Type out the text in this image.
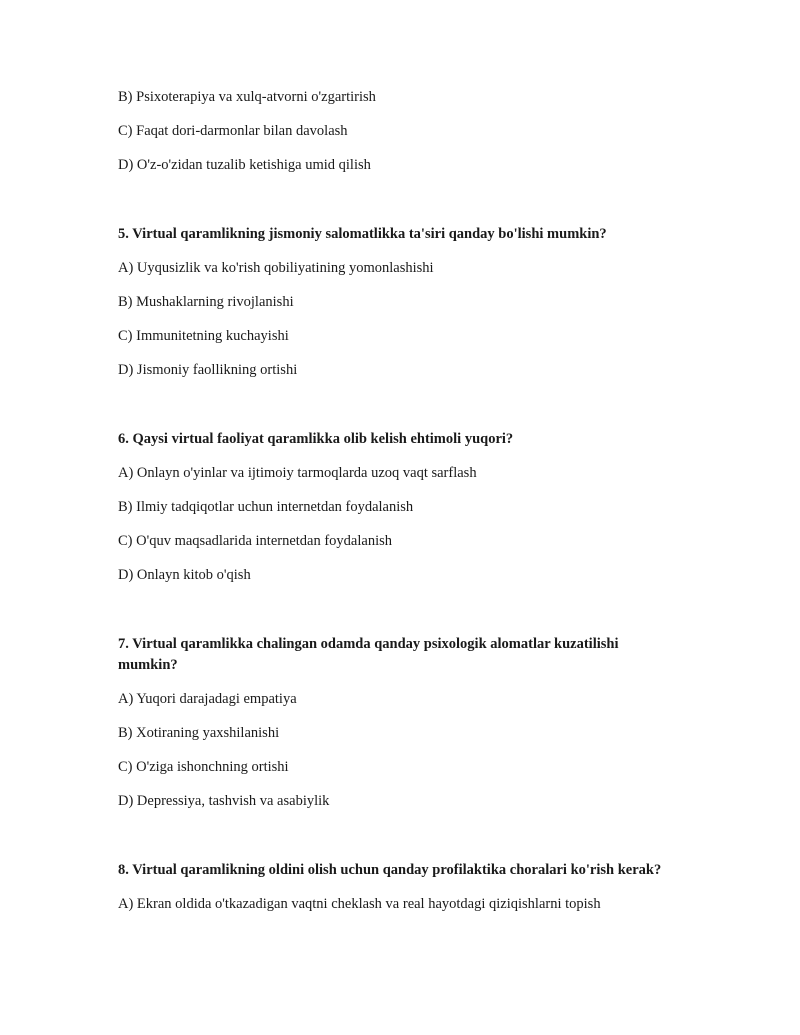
B) Psixoterapiya va xulq-atvorni o'zgartirish
C) Faqat dori-darmonlar bilan davolash
D) O'z-o'zidan tuzalib ketishiga umid qilish
5. Virtual qaramlikning jismoniy salomatlikka ta'siri qanday bo'lishi mumkin?
A) Uyqusizlik va ko'rish qobiliyatining yomonlashishi
B) Mushaklarning rivojlanishi
C) Immunitetning kuchayishi
D) Jismoniy faollikning ortishi
6. Qaysi virtual faoliyat qaramlikka olib kelish ehtimoli yuqori?
A) Onlayn o'yinlar va ijtimoiy tarmoqlarda uzoq vaqt sarflash
B) Ilmiy tadqiqotlar uchun internetdan foydalanish
C) O'quv maqsadlarida internetdan foydalanish
D) Onlayn kitob o'qish
7. Virtual qaramlikka chalingan odamda qanday psixologik alomatlar kuzatilishi mumkin?
A) Yuqori darajadagi empatiya
B) Xotiraning yaxshilanishi
C) O'ziga ishonchning ortishi
D) Depressiya, tashvish va asabiylik
8. Virtual qaramlikning oldini olish uchun qanday profilaktika choralari ko'rish kerak?
A) Ekran oldida o'tkazadigan vaqtni cheklash va real hayotdagi qiziqishlarni topish
